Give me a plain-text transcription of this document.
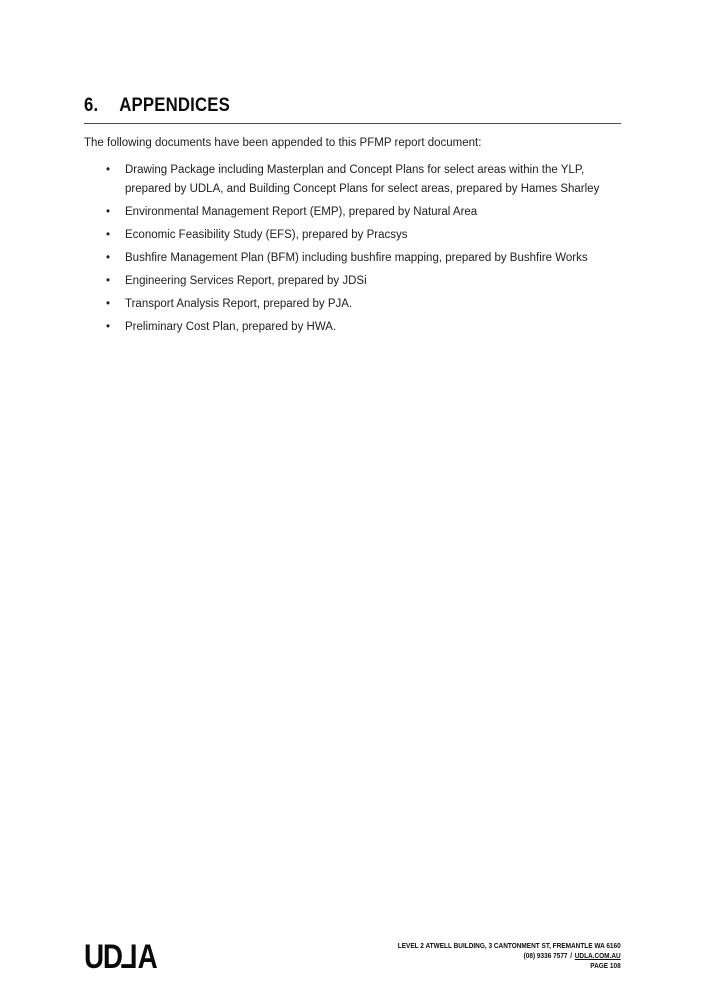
6.	APPENDICES

The following documents have been appended to this PFMP report document:

• Drawing Package including Masterplan and Concept Plans for select areas within the YLP, prepared by UDLA, and Building Concept Plans for select areas, prepared by Hames Sharley
• Environmental Management Report (EMP), prepared by Natural Area
• Economic Feasibility Study (EFS), prepared by Pracsys
• Bushfire Management Plan (BFM) including bushfire mapping, prepared by Bushfire Works
• Engineering Services Report, prepared by JDSi
• Transport Analysis Report, prepared by PJA.
• Preliminary Cost Plan, prepared by HWA.
UDLA	LEVEL 2 ATWELL BUILDING, 3 CANTONMENT ST, FREMANTLE WA 6160
(08) 9336 7577 / UDLA.COM.AU
PAGE 108
